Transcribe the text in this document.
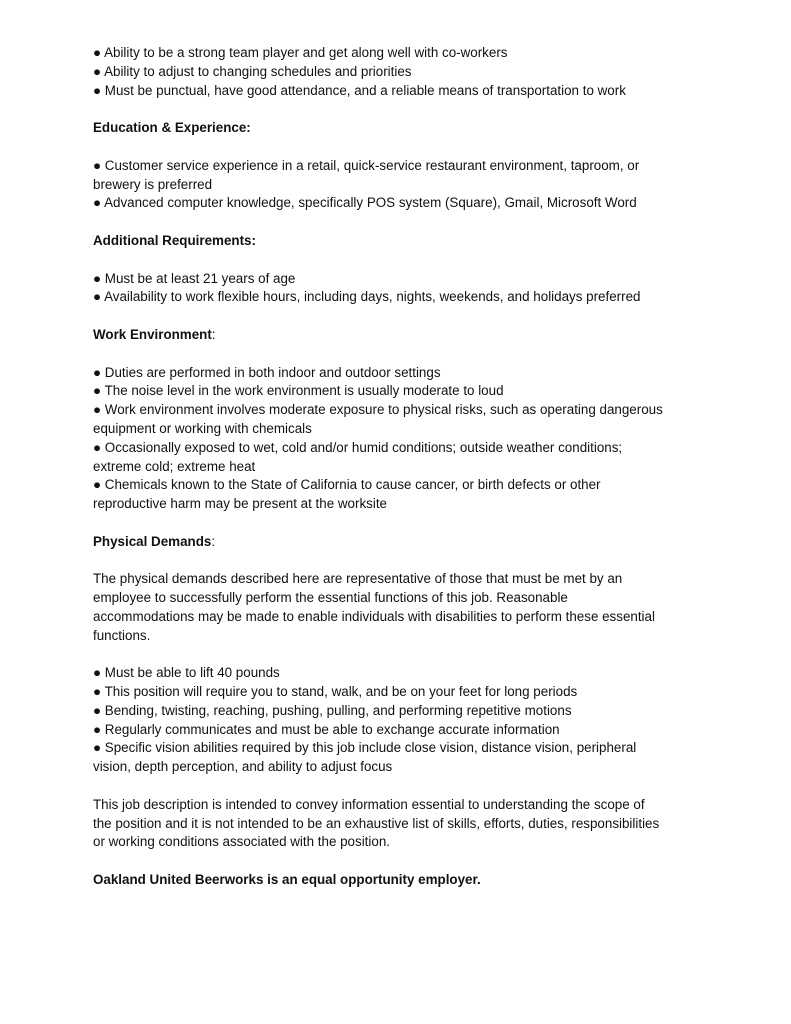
● Ability to be a strong team player and get along well with co-workers
● Ability to adjust to changing schedules and priorities
● Must be punctual, have good attendance, and a reliable means of transportation to work
Education & Experience:
● Customer service experience in a retail, quick-service restaurant environment, taproom, or
brewery is preferred
● Advanced computer knowledge, specifically POS system (Square), Gmail, Microsoft Word
Additional Requirements:
● Must be at least 21 years of age
● Availability to work flexible hours, including days, nights, weekends, and holidays preferred
Work Environment:
● Duties are performed in both indoor and outdoor settings
● The noise level in the work environment is usually moderate to loud
● Work environment involves moderate exposure to physical risks, such as operating dangerous
equipment or working with chemicals
● Occasionally exposed to wet, cold and/or humid conditions; outside weather conditions;
extreme cold; extreme heat
● Chemicals known to the State of California to cause cancer, or birth defects or other
reproductive harm may be present at the worksite
Physical Demands:
The physical demands described here are representative of those that must be met by an
employee to successfully perform the essential functions of this job. Reasonable
accommodations may be made to enable individuals with disabilities to perform these essential
functions.
● Must be able to lift 40 pounds
● This position will require you to stand, walk, and be on your feet for long periods
● Bending, twisting, reaching, pushing, pulling, and performing repetitive motions
● Regularly communicates and must be able to exchange accurate information
● Specific vision abilities required by this job include close vision, distance vision, peripheral
vision, depth perception, and ability to adjust focus
This job description is intended to convey information essential to understanding the scope of
the position and it is not intended to be an exhaustive list of skills, efforts, duties, responsibilities
or working conditions associated with the position.
Oakland United Beerworks is an equal opportunity employer.
